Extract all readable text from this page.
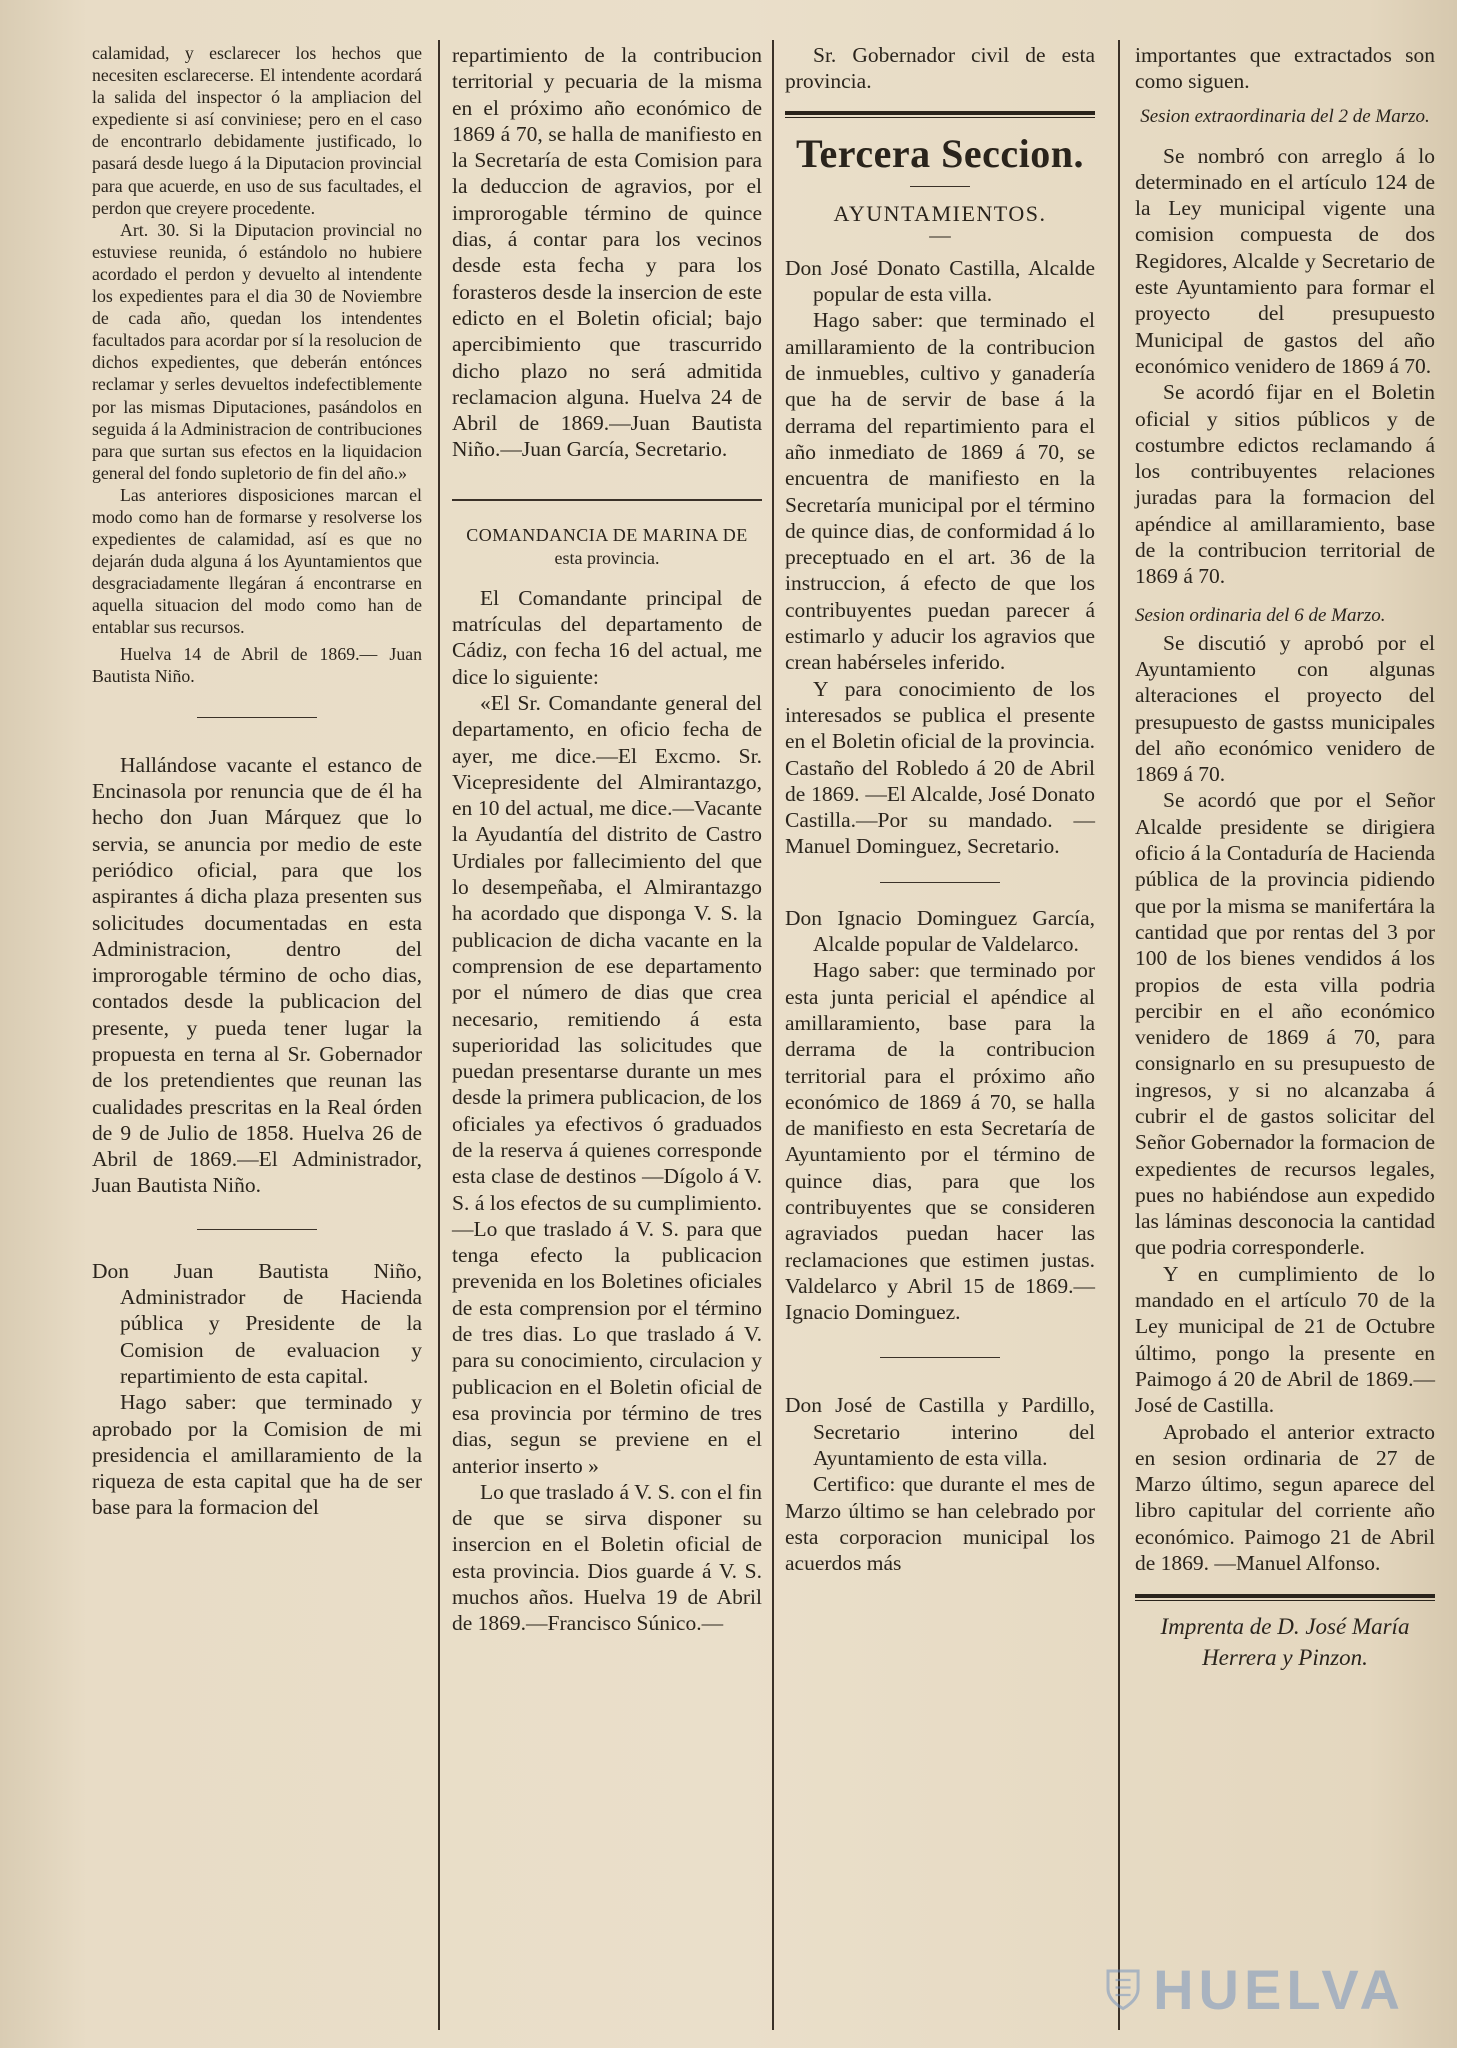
calamidad, y esclarecer los hechos que necesiten esclarecerse. El intendente acordará la salida del inspector ó la ampliacion del expediente si así conviniese; pero en el caso de encontrarlo debidamente justificado, lo pasará desde luego á la Diputacion provincial para que acuerde, en uso de sus facultades, el perdon que creyere procedente.

Art. 30. Si la Diputacion provincial no estuviese reunida, ó estándolo no hubiere acordado el perdon y devuelto al intendente los expedientes para el dia 30 de Noviembre de cada año, quedan los intendentes facultados para acordar por sí la resolucion de dichos expedientes, que deberán entónces reclamar y serles devueltos indefectiblemente por las mismas Diputaciones, pasándolos en seguida á la Administracion de contribuciones para que surtan sus efectos en la liquidacion general del fondo supletorio de fin del año.»

Las anteriores disposiciones marcan el modo como han de formarse y resolverse los expedientes de calamidad, así es que no dejarán duda alguna á los Ayuntamientos que desgraciadamente llegáran á encontrarse en aquella situacion del modo como han de entablar sus recursos.

Huelva 14 de Abril de 1869.— Juan Bautista Niño.

Hallándose vacante el estanco de Encinasola por renuncia que de él ha hecho don Juan Márquez que lo servia, se anuncia por medio de este periódico oficial, para que los aspirantes á dicha plaza presenten sus solicitudes documentadas en esta Administracion, dentro del improrogable término de ocho dias, contados desde la publicacion del presente, y pueda tener lugar la propuesta en terna al Sr. Gobernador de los pretendientes que reunan las cualidades prescritas en la Real órden de 9 de Julio de 1858. Huelva 26 de Abril de 1869.—El Administrador, Juan Bautista Niño.

Don Juan Bautista Niño, Administrador de Hacienda pública y Presidente de la Comision de evaluacion y repartimiento de esta capital.

Hago saber: que terminado y aprobado por la Comision de mi presidencia el amillaramiento de la riqueza de esta capital que ha de ser base para la formacion del

repartimiento de la contribucion territorial y pecuaria de la misma en el próximo año económico de 1869 á 70, se halla de manifiesto en la Secretaría de esta Comision para la deduccion de agravios, por el improrogable término de quince dias, á contar para los vecinos desde esta fecha y para los forasteros desde la insercion de este edicto en el Boletin oficial; bajo apercibimiento que trascurrido dicho plazo no será admitida reclamacion alguna. Huelva 24 de Abril de 1869.—Juan Bautista Niño.—Juan García, Secretario.

COMANDANCIA DE MARINA DE

esta provincia.

El Comandante principal de matrículas del departamento de Cádiz, con fecha 16 del actual, me dice lo siguiente:

«El Sr. Comandante general del departamento, en oficio fecha de ayer, me dice.—El Excmo. Sr. Vicepresidente del Almirantazgo, en 10 del actual, me dice.—Vacante la Ayudantía del distrito de Castro Urdiales por fallecimiento del que lo desempeñaba, el Almirantazgo ha acordado que disponga V. S. la publicacion de dicha vacante en la comprension de ese departamento por el número de dias que crea necesario, remitiendo á esta superioridad las solicitudes que puedan presentarse durante un mes desde la primera publicacion, de los oficiales ya efectivos ó graduados de la reserva á quienes corresponde esta clase de destinos —Dígolo á V. S. á los efectos de su cumplimiento.—Lo que traslado á V. S. para que tenga efecto la publicacion prevenida en los Boletines oficiales de esta comprension por el término de tres dias. Lo que traslado á V. para su conocimiento, circulacion y publicacion en el Boletin oficial de esa provincia por término de tres dias, segun se previene en el anterior inserto »

Lo que traslado á V. S. con el fin de que se sirva disponer su insercion en el Boletin oficial de esta provincia. Dios guarde á V. S. muchos años. Huelva 19 de Abril de 1869.—Francisco Súnico.—

Sr. Gobernador civil de esta provincia.

Tercera Seccion.

AYUNTAMIENTOS.

—

Don José Donato Castilla, Alcalde popular de esta villa.

Hago saber: que terminado el amillaramiento de la contribucion de inmuebles, cultivo y ganadería que ha de servir de base á la derrama del repartimiento para el año inmediato de 1869 á 70, se encuentra de manifiesto en la Secretaría municipal por el término de quince dias, de conformidad á lo preceptuado en el art. 36 de la instruccion, á efecto de que los contribuyentes puedan parecer á estimarlo y aducir los agravios que crean habérseles inferido.

Y para conocimiento de los interesados se publica el presente en el Boletin oficial de la provincia. Castaño del Robledo á 20 de Abril de 1869. —El Alcalde, José Donato Castilla.—Por su mandado. —Manuel Dominguez, Secretario.

Don Ignacio Dominguez García, Alcalde popular de Valdelarco.

Hago saber: que terminado por esta junta pericial el apéndice al amillaramiento, base para la derrama de la contribucion territorial para el próximo año económico de 1869 á 70, se halla de manifiesto en esta Secretaría de Ayuntamiento por el término de quince dias, para que los contribuyentes que se consideren agraviados puedan hacer las reclamaciones que estimen justas. Valdelarco y Abril 15 de 1869.—Ignacio Dominguez.

Don José de Castilla y Pardillo, Secretario interino del Ayuntamiento de esta villa.

Certifico: que durante el mes de Marzo último se han celebrado por esta corporacion municipal los acuerdos más

importantes que extractados son como siguen.

Sesion extraordinaria del 2 de Marzo.

Se nombró con arreglo á lo determinado en el artículo 124 de la Ley municipal vigente una comision compuesta de dos Regidores, Alcalde y Secretario de este Ayuntamiento para formar el proyecto del presupuesto Municipal de gastos del año económico venidero de 1869 á 70.

Se acordó fijar en el Boletin oficial y sitios públicos y de costumbre edictos reclamando á los contribuyentes relaciones juradas para la formacion del apéndice al amillaramiento, base de la contribucion territorial de 1869 á 70.

Sesion ordinaria del 6 de Marzo.

Se discutió y aprobó por el Ayuntamiento con algunas alteraciones el proyecto del presupuesto de gastss municipales del año económico venidero de 1869 á 70.

Se acordó que por el Señor Alcalde presidente se dirigiera oficio á la Contaduría de Hacienda pública de la provincia pidiendo que por la misma se manifertára la cantidad que por rentas del 3 por 100 de los bienes vendidos á los propios de esta villa podria percibir en el año económico venidero de 1869 á 70, para consignarlo en su presupuesto de ingresos, y si no alcanzaba á cubrir el de gastos solicitar del Señor Gobernador la formacion de expedientes de recursos legales, pues no habiéndose aun expedido las láminas desconocia la cantidad que podria corresponderle.

Y en cumplimiento de lo mandado en el artículo 70 de la Ley municipal de 21 de Octubre último, pongo la presente en Paimogo á 20 de Abril de 1869.—José de Castilla.

Aprobado el anterior extracto en sesion ordinaria de 27 de Marzo último, segun aparece del libro capitular del corriente año económico. Paimogo 21 de Abril de 1869. —Manuel Alfonso.

Imprenta de D. José María

Herrera y Pinzon.

HUELVA
